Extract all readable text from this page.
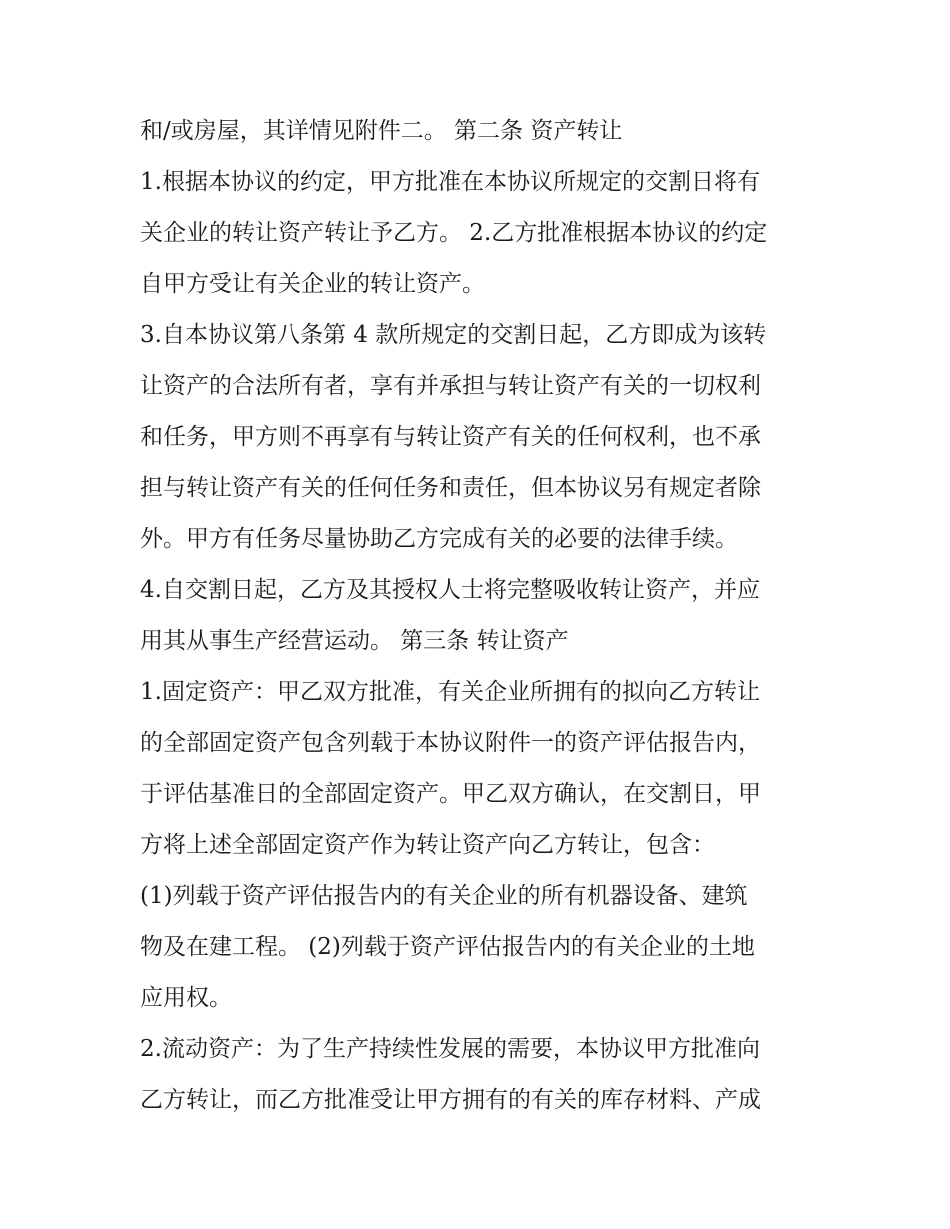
和/或房屋，其详情见附件二。 第二条 资产转让
1.根据本协议的约定，甲方批准在本协议所规定的交割日将有
关企业的转让资产转让予乙方。 2.乙方批准根据本协议的约定
自甲方受让有关企业的转让资产。
3.自本协议第八条第 4 款所规定的交割日起，乙方即成为该转
让资产的合法所有者，享有并承担与转让资产有关的一切权利
和任务，甲方则不再享有与转让资产有关的任何权利，也不承
担与转让资产有关的任何任务和责任，但本协议另有规定者除
外。甲方有任务尽量协助乙方完成有关的必要的法律手续。
4.自交割日起，乙方及其授权人士将完整吸收转让资产，并应
用其从事生产经营运动。 第三条 转让资产
1.固定资产：甲乙双方批准，有关企业所拥有的拟向乙方转让
的全部固定资产包含列载于本协议附件一的资产评估报告内，
于评估基准日的全部固定资产。甲乙双方确认，在交割日，甲
方将上述全部固定资产作为转让资产向乙方转让，包含：
(1)列载于资产评估报告内的有关企业的所有机器设备、建筑
物及在建工程。 (2)列载于资产评估报告内的有关企业的土地
应用权。
2.流动资产：为了生产持续性发展的需要，本协议甲方批准向
乙方转让，而乙方批准受让甲方拥有的有关的库存材料、产成
